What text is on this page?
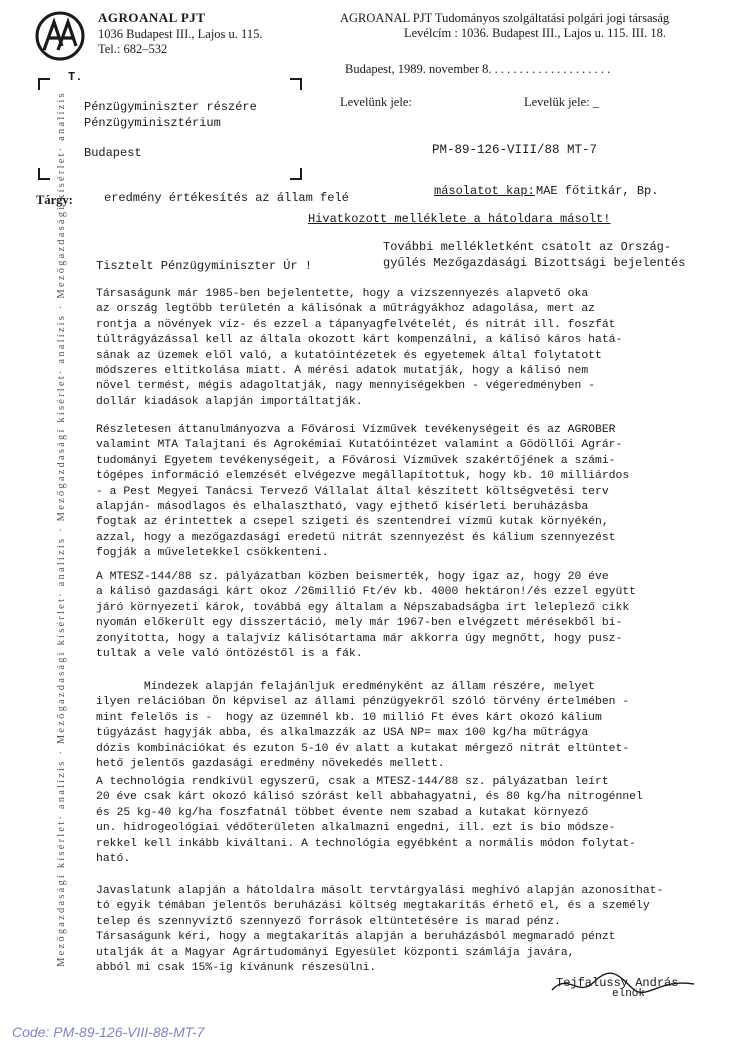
Mezőgazdasági kísérlet· analízis · Mezőgazdasági kísérlet· analízis · Mezőgazdasági kísérlet· analízis · Mezőgazdasági kísérlet· analízis
AGROANAL PJT
1036 Budapest III., Lajos u. 115.
Tel.: 682–532
AGROANAL PJT Tudományos szolgáltatási polgári jogi társaság
Levélcím : 1036. Budapest III., Lajos u. 115. III. 18.
Budapest, 1989. november 8. . . . . . . . . . . . . . . . . . . .
T.
Pénzügyminiszter részére
Pénzügyminisztérium
Budapest
Levelünk jele:	Levelük jele: _
PM-89-126-VIII/88 MT-7
Tárgy:	eredmény értékesítés az állam felé	másolatot kap: MAE főtitkár, Bp.
Hivatkozott melléklete a hátoldara másolt!
További mellékletként csatolt az Ország-
gyűlés Mezőgazdasági Bizottsági bejelentés
Tisztelt Pénzügyminiszter Úr !
Társaságunk már 1985-ben bejelentette, hogy a vizszennyezés alapvető oka
az ország legtöbb területén a kálisónak a műtrágyákhoz adagolása, mert az
rontja a növények víz- és ezzel a tápanyagfelvételét, és nitrát ill. foszfát
túltrágyázással kell az általa okozott kárt kompenzálni, a kálisó káros hatá-
sának az üzemek elől való, a kutatóintézetek és egyetemek által folytatott
módszeres eltitkolása miatt. A mérési adatok mutatják, hogy a kálisó nem
növel termést, mégis adagoltatják, nagy mennyiségekben - végeredményben -
dollár kiadások alapján importáltatják.
Részletesen áttanulmányozva a Fővárosi Vízművek tevékenységeit és az AGROBER
valamint MTA Talajtani és Agrokémiai Kutatóintézet valamint a Gödöllői Agrár-
tudományi Egyetem tevékenységeit, a Fővárosi Vízművek szakértőjének a számi-
tógépes információ elemzését elvégezve megállapítottuk, hogy kb. 10 milliárdos
- a Pest Megyei Tanácsi Tervező Vállalat által készített költségvetési terv
alapján- másodlagos és elhalasztható, vagy ejthető kísérleti beruházásba
fogtak az érintettek a csepel szigeti és szentendrei vízmű kutak környékén,
azzal, hogy a mezőgazdasági eredetű nitrát szennyezést és kálium szennyezést
fogják a műveletekkel csökkenteni.
A MTESZ-144/88 sz. pályázatban közben beismerték, hogy igaz az, hogy 20 éve
a kálisó gazdasági kárt okoz /26millió Ft/év kb. 4000 hektáron!/és ezzel együtt
járó környezeti károk, továbbá egy általam a Népszabadságba irt leleplező cikk
nyomán előkerült egy disszertáció, mely már 1967-ben elvégzett mérésekből bi-
zonyította, hogy a talajvíz kálisótartama már akkorra úgy megnőtt, hogy pusz-
tultak a vele való öntözéstől is a fák.
Mindezek alapján felajánljuk eredményként az állam részére, melyet
ilyen relációban Ön képvisel az állami pénzügyekről szóló törvény értelmében -
mint felelős is -  hogy az üzemnél kb. 10 millió Ft éves kárt okozó kálium
túgyázást hagyják abba, és alkalmazzák az USA NP= max 100 kg/ha műtrágya
dózis kombinációkat és ezuton 5-10 év alatt a kutakat mérgező nitrát eltüntet-
hető jelentős gazdasági eredmény növekedés mellett.
A technológia rendkívül egyszerű, csak a MTESZ-144/88 sz. pályázatban leírt
20 éve csak kárt okozó kálisó szórást kell abbahagyatni, és 80 kg/ha nitrogénnel
és 25 kg-40 kg/ha foszfatnál többet évente nem szabad a kutakat környező
un. hidrogeológiai védőterületen alkalmazni engedni, ill. ezt is bio módsze-
rekkel kell inkább kiváltani. A technológia egyébként a normális módon folytat-
ható.
Javaslatunk alapján a hátoldalra másolt tervtárgyalási meghívó alapján azonosíthat-
tó egyik témában jelentős beruházási költség megtakarítás érhető el, és a személy
telep és szennyvíztő szennyező források eltüntetésére is marad pénz.
Társaságunk kéri, hogy a megtakarítás alapján a beruházásból megmaradó pénzt
utalják át a Magyar Agrártudományi Egyesület központi számlája javára,
abból mi csak 15%-ig kívánunk részesülni.
Tejfalussy András
elnök
Code: PM-89-126-VIII-88-MT-7
